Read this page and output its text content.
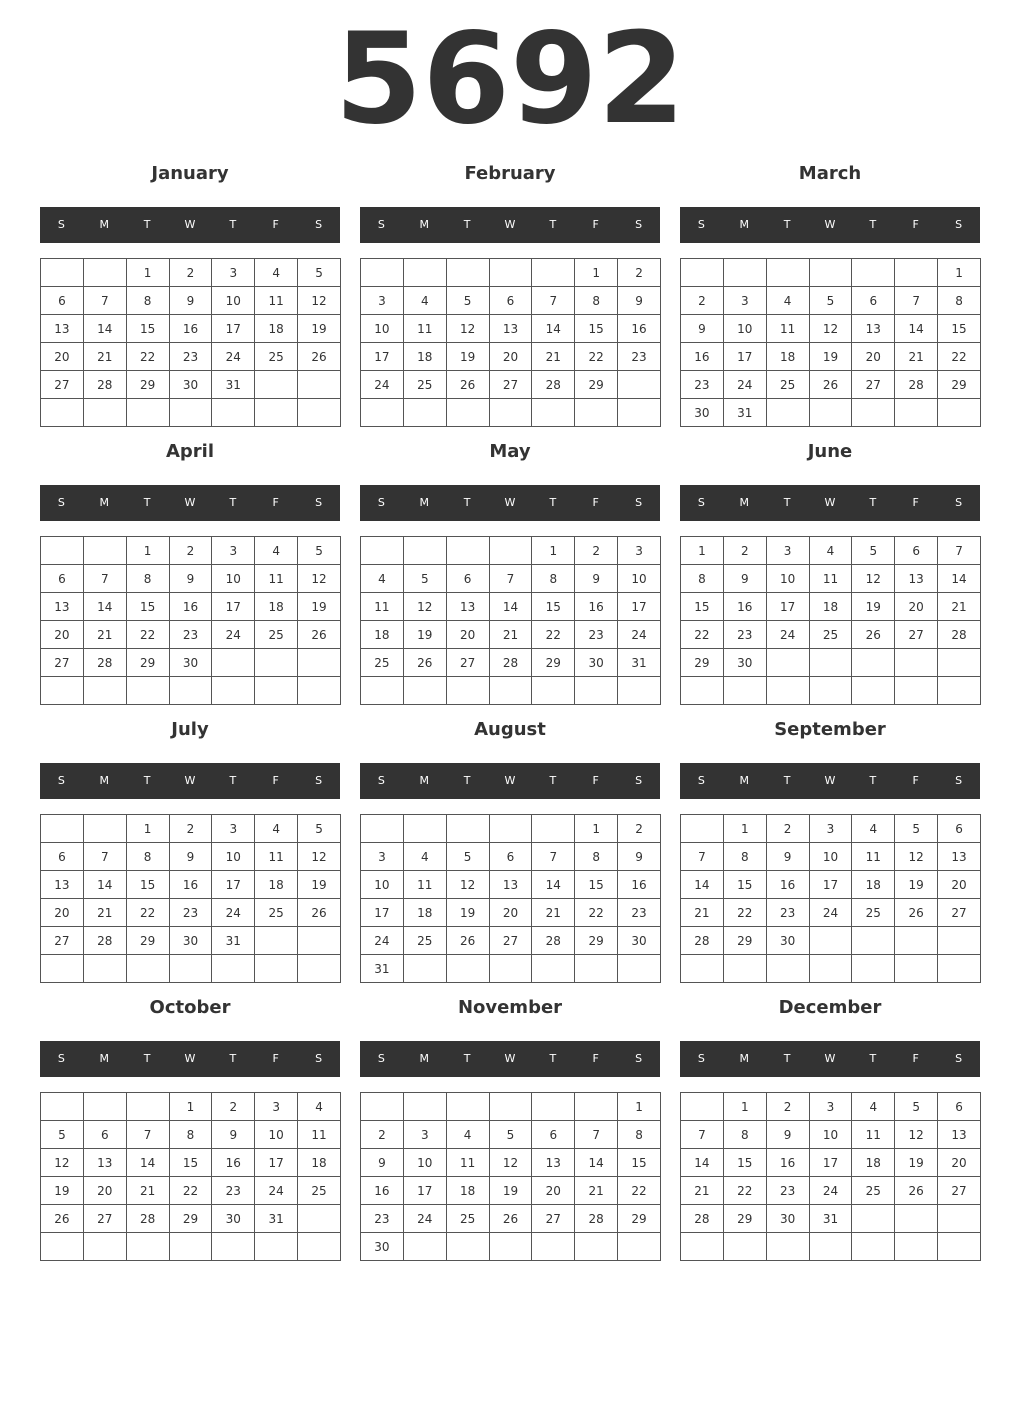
5692
January
S	M	T	W	T	F	S
		1	2	3	4	5
6	7	8	9	10	11	12
13	14	15	16	17	18	19
20	21	22	23	24	25	26
27	28	29	30	31		

February
S	M	T	W	T	F	S
					1	2
3	4	5	6	7	8	9
10	11	12	13	14	15	16
17	18	19	20	21	22	23
24	25	26	27	28	29	

March
S	M	T	W	T	F	S
						1
2	3	4	5	6	7	8
9	10	11	12	13	14	15
16	17	18	19	20	21	22
23	24	25	26	27	28	29
30	31					
April
S	M	T	W	T	F	S
		1	2	3	4	5
6	7	8	9	10	11	12
13	14	15	16	17	18	19
20	21	22	23	24	25	26
27	28	29	30			

May
S	M	T	W	T	F	S
				1	2	3
4	5	6	7	8	9	10
11	12	13	14	15	16	17
18	19	20	21	22	23	24
25	26	27	28	29	30	31

June
S	M	T	W	T	F	S
1	2	3	4	5	6	7
8	9	10	11	12	13	14
15	16	17	18	19	20	21
22	23	24	25	26	27	28
29	30					

July
S	M	T	W	T	F	S
		1	2	3	4	5
6	7	8	9	10	11	12
13	14	15	16	17	18	19
20	21	22	23	24	25	26
27	28	29	30	31		

August
S	M	T	W	T	F	S
					1	2
3	4	5	6	7	8	9
10	11	12	13	14	15	16
17	18	19	20	21	22	23
24	25	26	27	28	29	30
31						
September
S	M	T	W	T	F	S
	1	2	3	4	5	6
7	8	9	10	11	12	13
14	15	16	17	18	19	20
21	22	23	24	25	26	27
28	29	30				

October
S	M	T	W	T	F	S
			1	2	3	4
5	6	7	8	9	10	11
12	13	14	15	16	17	18
19	20	21	22	23	24	25
26	27	28	29	30	31	

November
S	M	T	W	T	F	S
						1
2	3	4	5	6	7	8
9	10	11	12	13	14	15
16	17	18	19	20	21	22
23	24	25	26	27	28	29
30						
December
S	M	T	W	T	F	S
	1	2	3	4	5	6
7	8	9	10	11	12	13
14	15	16	17	18	19	20
21	22	23	24	25	26	27
28	29	30	31			
